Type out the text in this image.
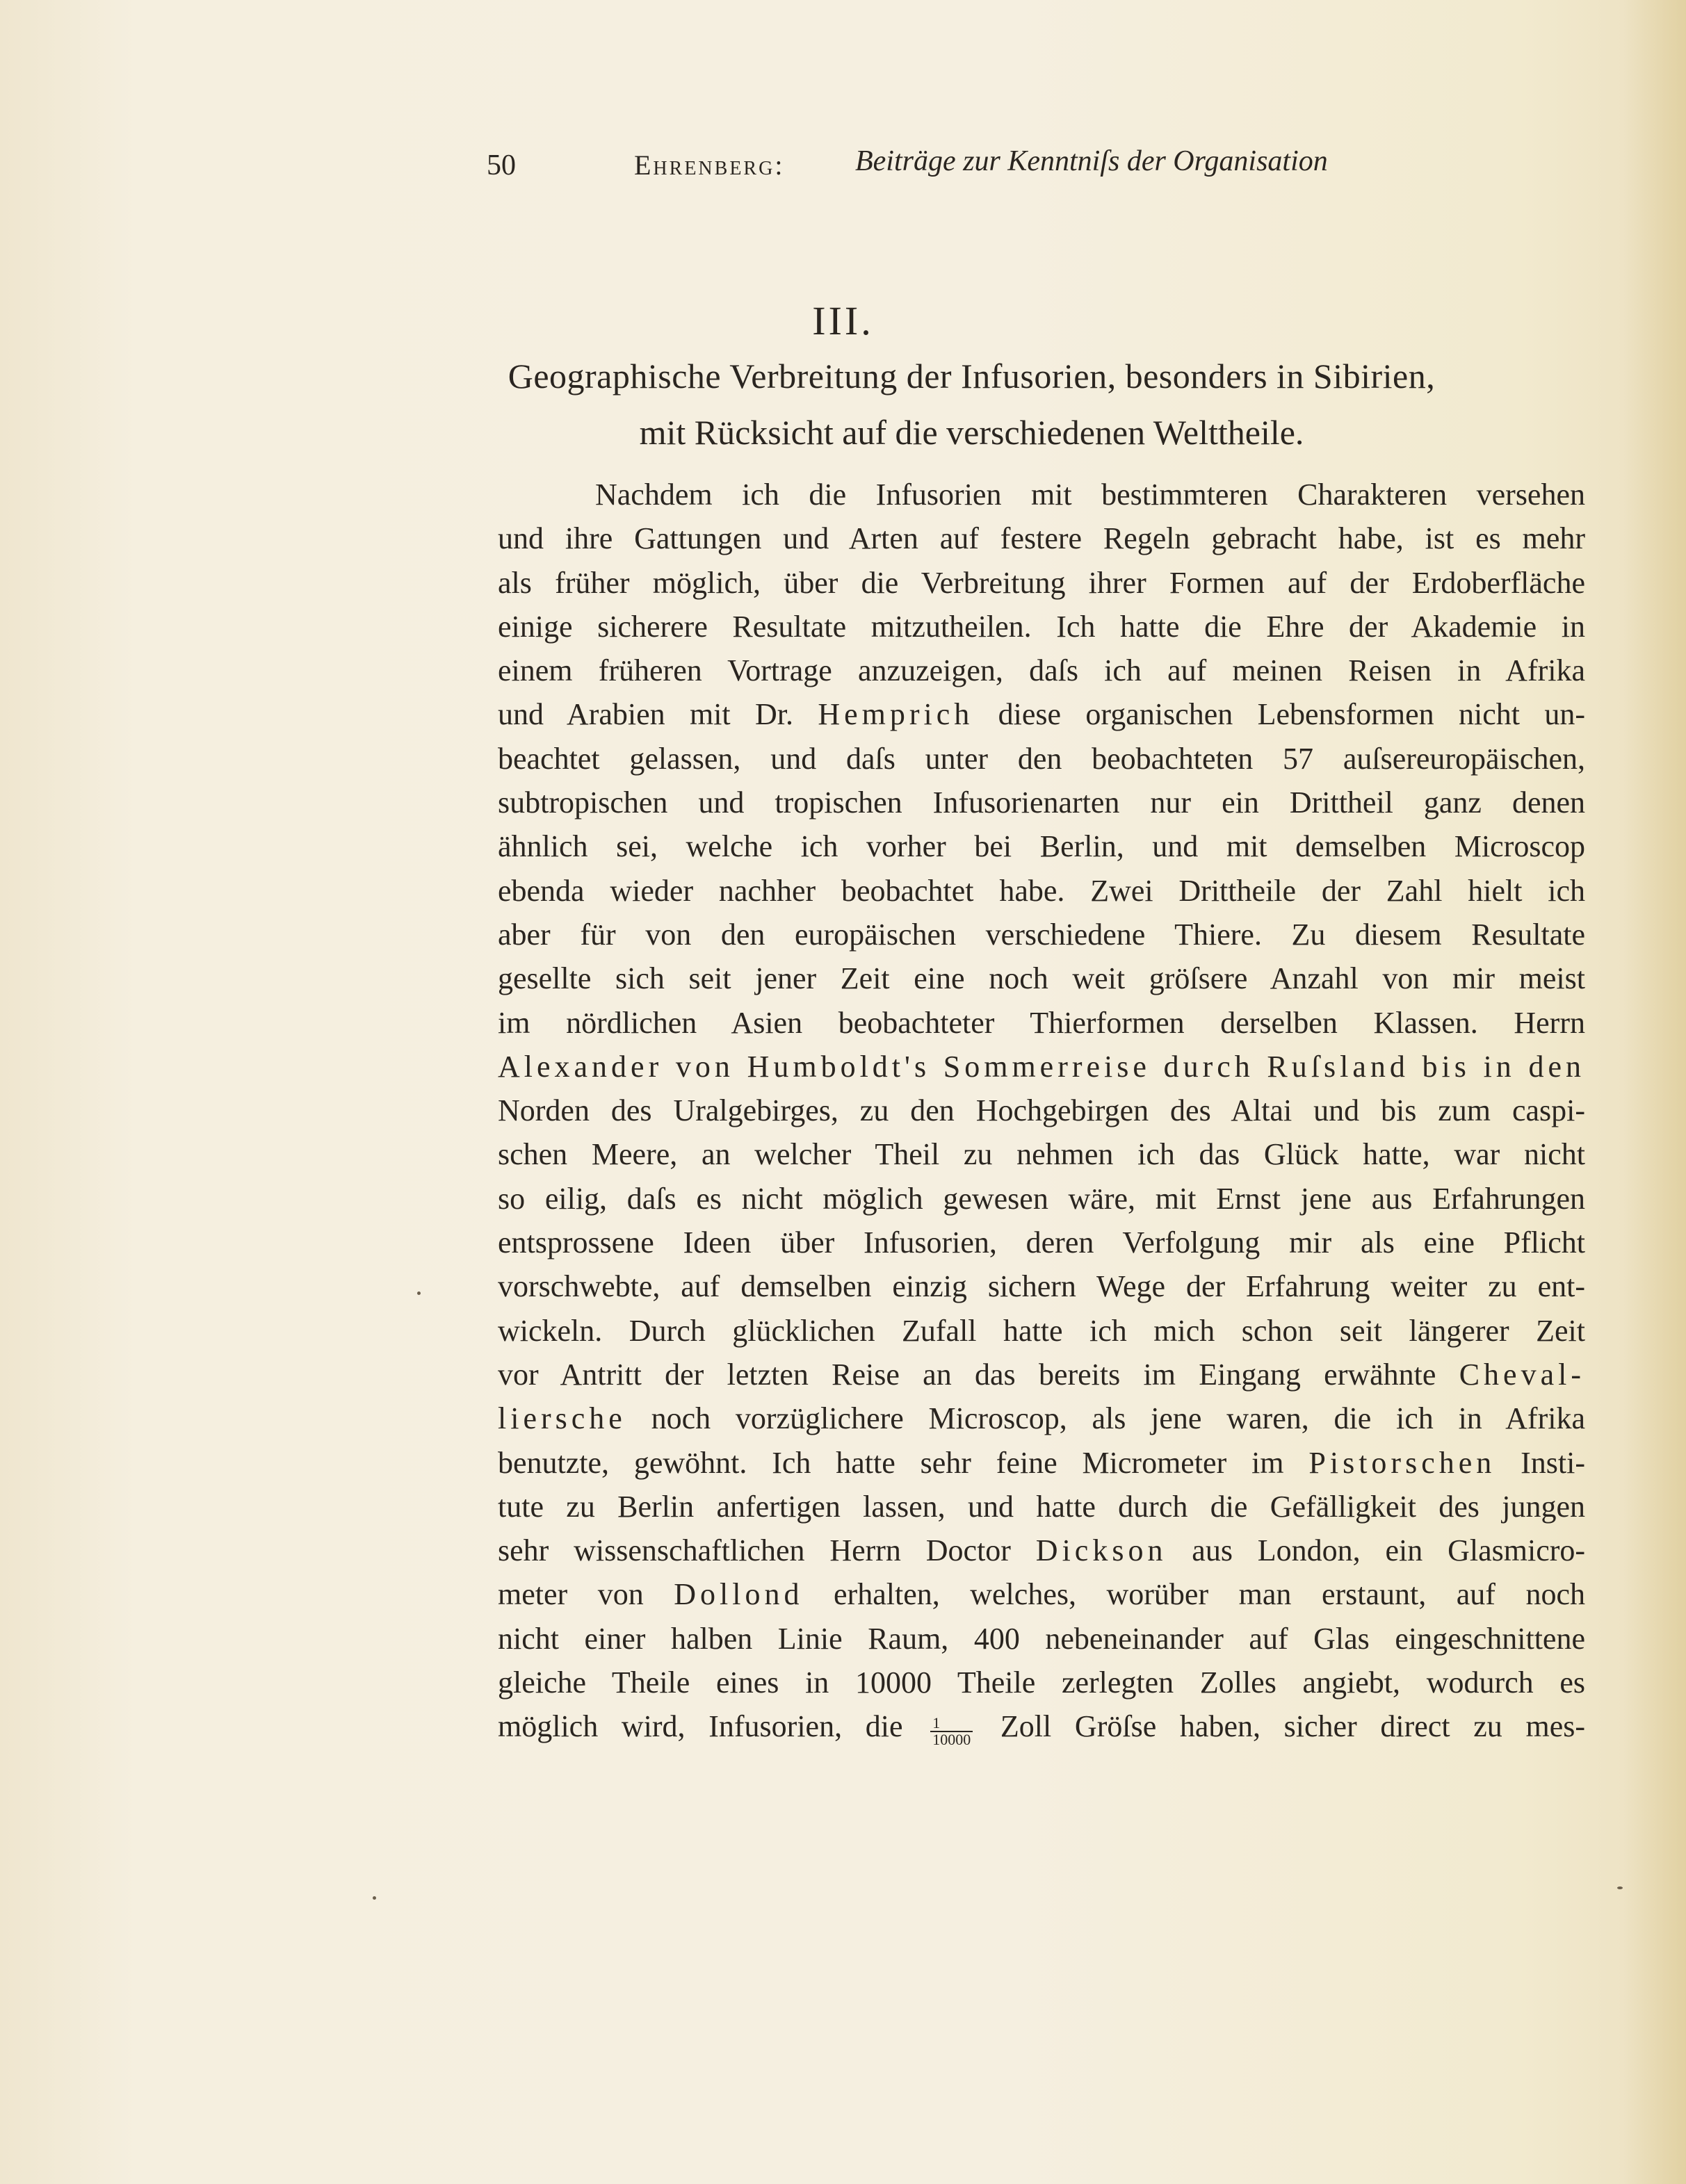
50	Ehrenberg: Beiträge zur Kenntniſs der Organisation
III.
Geographische Verbreitung der Infusorien, besonders in Sibirien,
mit Rücksicht auf die verschiedenen Welttheile.
Nachdem ich die Infusorien mit bestimmteren Charakteren versehen
und ihre Gattungen und Arten auf festere Regeln gebracht habe, ist es mehr
als früher möglich, über die Verbreitung ihrer Formen auf der Erdoberfläche
einige sicherere Resultate mitzutheilen. Ich hatte die Ehre der Akademie in
einem früheren Vortrage anzuzeigen, daſs ich auf meinen Reisen in Afrika
und Arabien mit Dr. Hemprich diese organischen Lebensformen nicht un-
beachtet gelassen, und daſs unter den beobachteten 57 auſsereuropäischen,
subtropischen und tropischen Infusorienarten nur ein Drittheil ganz denen
ähnlich sei, welche ich vorher bei Berlin, und mit demselben Microscop
ebenda wieder nachher beobachtet habe. Zwei Drittheile der Zahl hielt ich
aber für von den europäischen verschiedene Thiere. Zu diesem Resultate
gesellte sich seit jener Zeit eine noch weit gröſsere Anzahl von mir meist
im nördlichen Asien beobachteter Thierformen derselben Klassen. Herrn
Alexander von Humboldt's Sommerreise durch Ruſsland bis in den
Norden des Uralgebirges, zu den Hochgebirgen des Altai und bis zum caspi-
schen Meere, an welcher Theil zu nehmen ich das Glück hatte, war nicht
so eilig, daſs es nicht möglich gewesen wäre, mit Ernst jene aus Erfahrungen
entsprossene Ideen über Infusorien, deren Verfolgung mir als eine Pflicht
vorschwebte, auf demselben einzig sichern Wege der Erfahrung weiter zu ent-
wickeln. Durch glücklichen Zufall hatte ich mich schon seit längerer Zeit
vor Antritt der letzten Reise an das bereits im Eingang erwähnte Cheval-
liersche noch vorzüglichere Microscop, als jene waren, die ich in Afrika
benutzte, gewöhnt. Ich hatte sehr feine Micrometer im Pistorschen Insti-
tute zu Berlin anfertigen lassen, und hatte durch die Gefälligkeit des jungen
sehr wissenschaftlichen Herrn Doctor Dickson aus London, ein Glasmicro-
meter von Dollond erhalten, welches, worüber man erstaunt, auf noch
nicht einer halben Linie Raum, 400 nebeneinander auf Glas eingeschnittene
gleiche Theile eines in 10000 Theile zerlegten Zolles angiebt, wodurch es
möglich wird, Infusorien, die $\frac{1}{10000}$ Zoll Gröſse haben, sicher direct zu mes-
